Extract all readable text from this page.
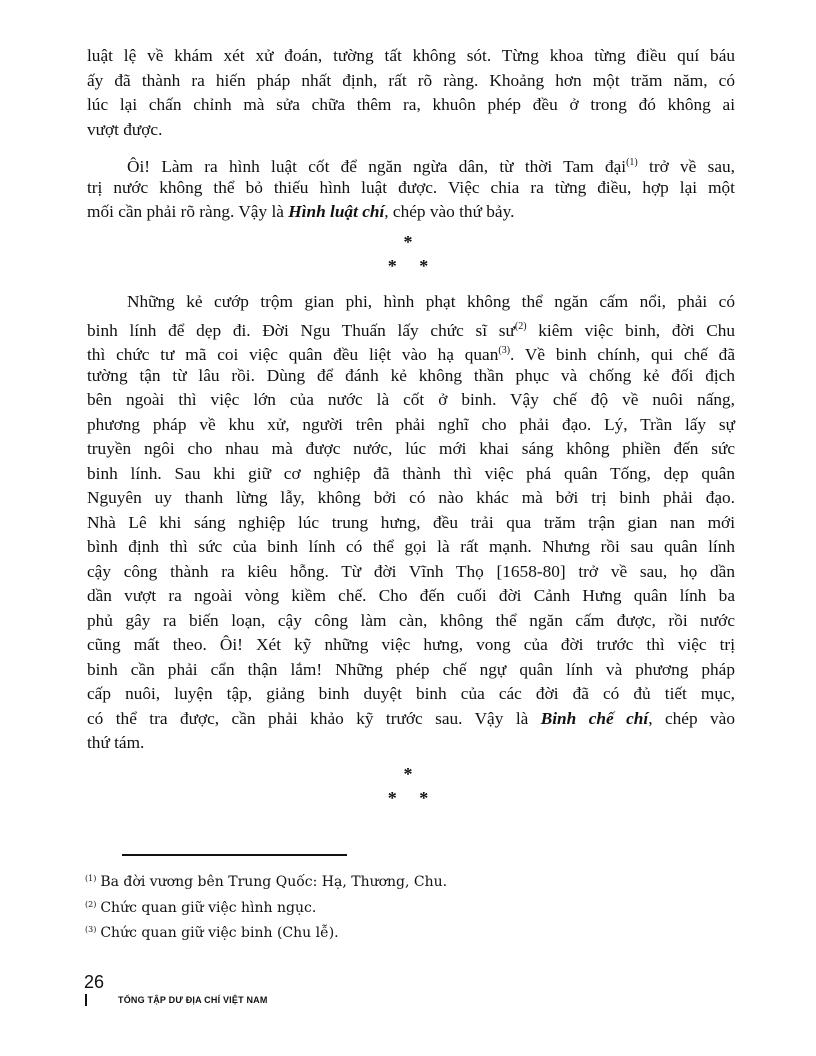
luật lệ về khám xét xử đoán, tường tất không sót. Từng khoa từng điều quí báu
ấy đã thành ra hiến pháp nhất định, rất rõ ràng. Khoảng hơn một trăm năm, có
lúc lại chấn chỉnh mà sửa chữa thêm ra, khuôn phép đều ở trong đó không ai
vượt được.
Ôi! Làm ra hình luật cốt để ngăn ngừa dân, từ thời Tam đại$^{(1)}$ trở về sau,
trị nước không thể bỏ thiếu hình luật được. Việc chia ra từng điều, hợp lại một
mối cần phải rõ ràng. Vậy là Hình luật chí, chép vào thứ bảy.
*
*     *
Những kẻ cướp trộm gian phi, hình phạt không thể ngăn cấm nổi, phải có
binh lính để dẹp đi. Đời Ngu Thuấn lấy chức sĩ $sư^{(2)}$ kiêm việc binh, đời Chu
thì chức tư mã coi việc quân đều liệt vào hạ quan$^{(3)}$. Về binh chính, qui chế đã
tường tận từ lâu rồi. Dùng để đánh kẻ không thần phục và chống kẻ đối địch
bên ngoài thì việc lớn của nước là cốt ở binh. Vậy chế độ về nuôi nấng,
phương pháp về khu xử, người trên phải nghĩ cho phải đạo. Lý, Trần lấy sự
truyền ngôi cho nhau mà được nước, lúc mới khai sáng không phiền đến sức
binh lính. Sau khi giữ cơ nghiệp đã thành thì việc phá quân Tống, dẹp quân
Nguyên uy thanh lừng lẫy, không bởi có nào khác mà bởi trị binh phải đạo.
Nhà Lê khi sáng nghiệp lúc trung hưng, đều trải qua trăm trận gian nan mới
bình định thì sức của binh lính có thể gọi là rất mạnh. Nhưng rồi sau quân lính
cậy công thành ra kiêu hỗng. Từ đời Vĩnh Thọ [1658-80] trở về sau, họ dần
dần vượt ra ngoài vòng kiềm chế. Cho đến cuối đời Cảnh Hưng quân lính ba
phủ gây ra biến loạn, cậy công làm càn, không thể ngăn cấm được, rồi nước
cũng mất theo. Ôi! Xét kỹ những việc hưng, vong của đời trước thì việc trị
binh cần phải cẩn thận lắm! Những phép chế ngự quân lính và phương pháp
cấp nuôi, luyện tập, giảng binh duyệt binh của các đời đã có đủ tiết mục,
có thể tra được, cần phải khảo kỹ trước sau. Vậy là Binh chế chí, chép vào
thứ tám.
*
*     *
$^{(1)}$ Ba đời vương bên Trung Quốc: Hạ, Thương, Chu.
$^{(2)}$ Chức quan giữ việc hình ngục.
$^{(3)}$ Chức quan giữ việc binh (Chu lễ).
26
TỔNG TẬP DƯ ĐỊA CHÍ VIỆT NAM
